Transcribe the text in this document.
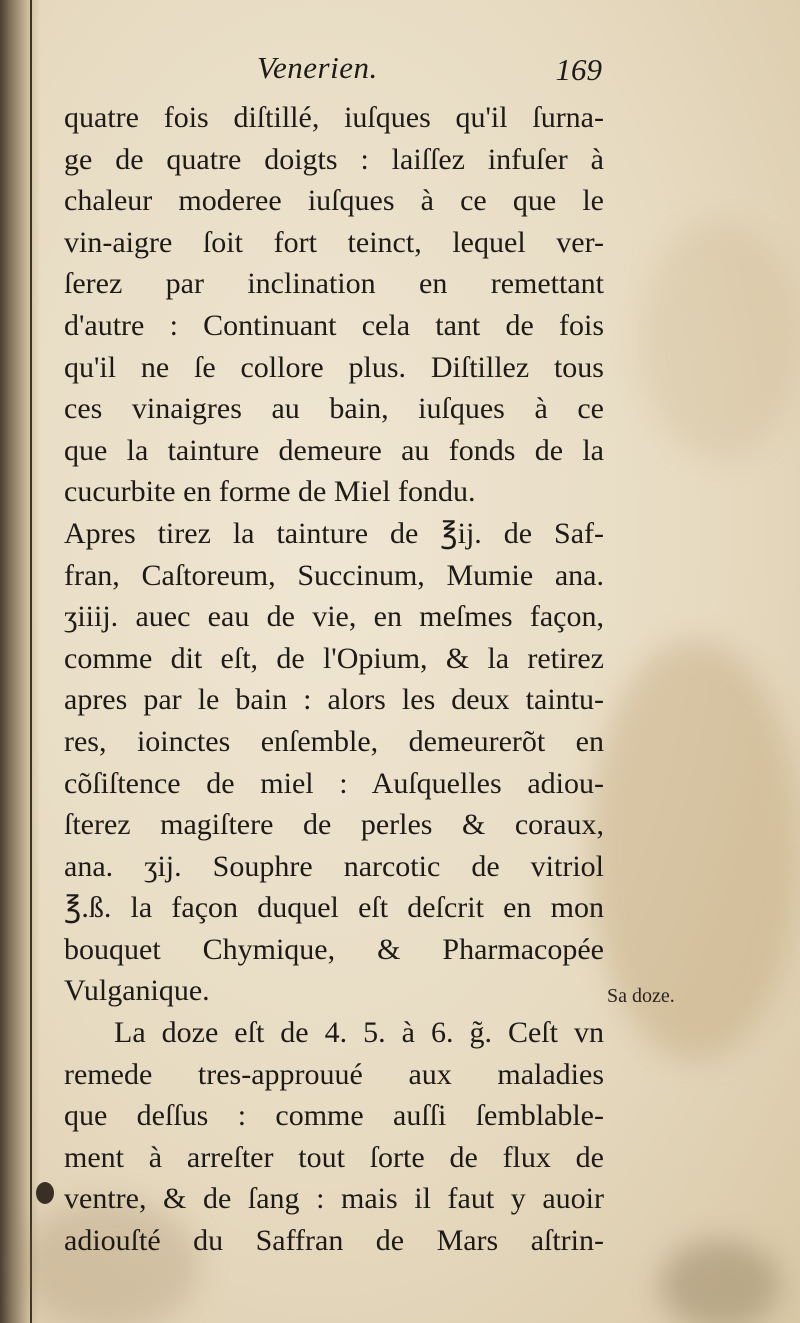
Venerien.	169
quatre fois diſtillé, iuſques qu'il ſurna-
ge de quatre doigts : laiſſez infuſer à
chaleur moderee iuſques à ce que le
vin-aigre ſoit fort teinct, lequel ver-
ſerez par inclination en remettant
d'autre : Continuant cela tant de fois
qu'il ne ſe collore plus. Diſtillez tous
ces vinaigres au bain, iuſques à ce
que la tainture demeure au fonds de la
cucurbite en forme de Miel fondu.
Apres tirez la tainture de ℥ij. de Saf-
fran, Caſtoreum, Succinum, Mumie ana.
ʒiiij. auec eau de vie, en meſmes façon,
comme dit eſt, de l'Opium, & la retirez
apres par le bain : alors les deux taintu-
res, ioinctes enſemble, demeurerõt en
cõſiſtence de miel : Auſquelles adiou-
ſterez magiſtere de perles & coraux,
ana. ʒij. Souphre narcotic de vitriol
℥.ß. la façon duquel eſt deſcrit en mon
bouquet Chymique, & Pharmacopée
Vulganique.
La doze eſt de 4. 5. à 6. g̃. Ceſt vn
remede tres-approuué aux maladies
que deſſus : comme auſſi ſemblable-
ment à arreſter tout ſorte de flux de
ventre, & de ſang : mais il faut y auoir
adiouſté du Saffran de Mars aſtrin-
Sa doze.
